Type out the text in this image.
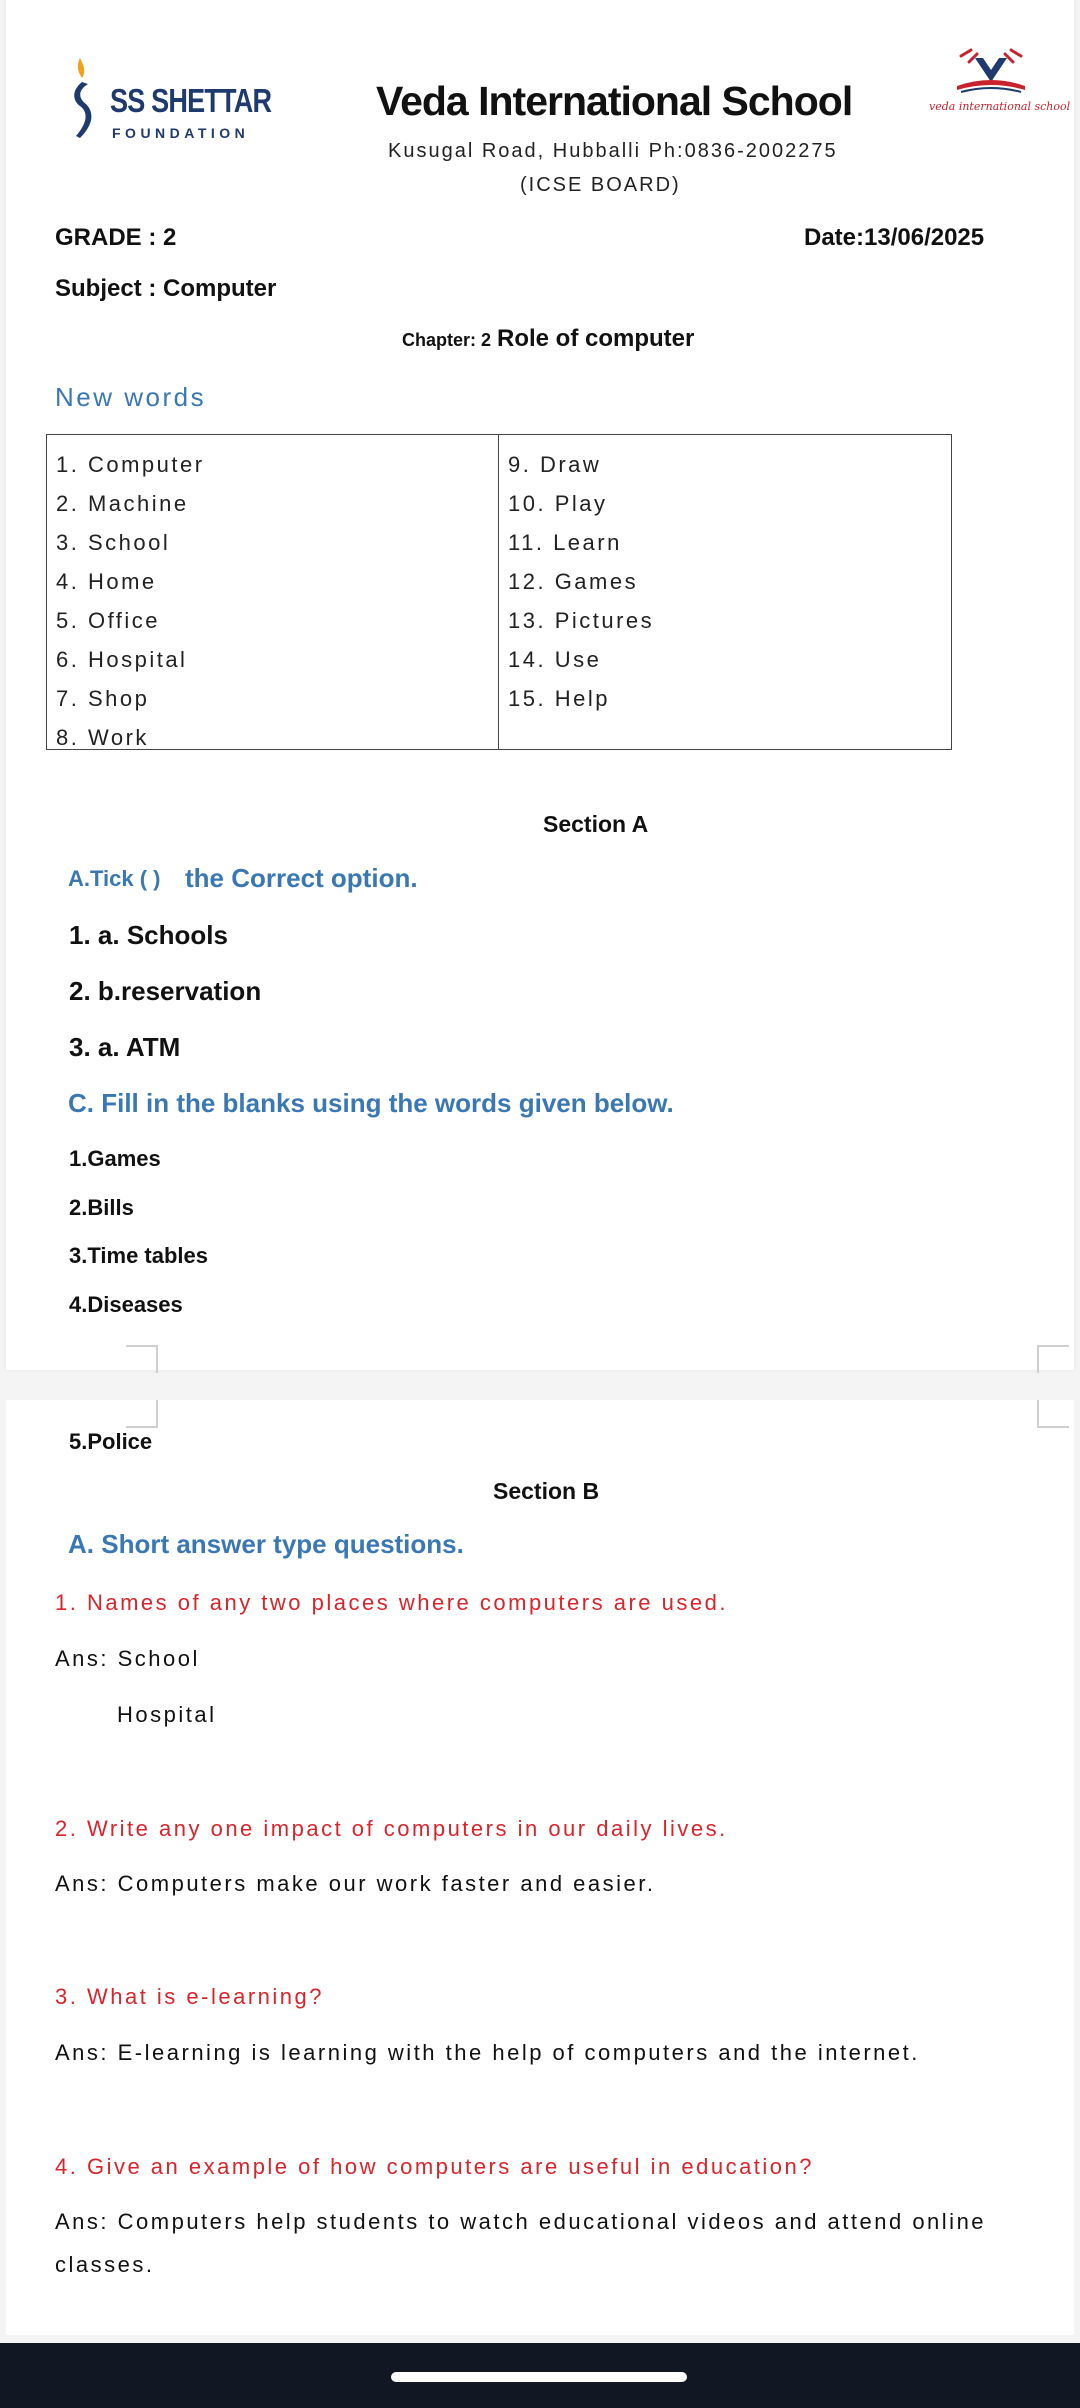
SS SHETTAR
FOUNDATION
Veda International School
Kusugal Road, Hubballi Ph:0836-2002275
(ICSE BOARD)
veda international school
GRADE : 2	Date:13/06/2025
Subject : Computer
Chapter: 2 Role of computer
New words
1. Computer
2. Machine
3. School
4. Home
5. Office
6. Hospital
7. Shop
8. Work
9. Draw
10. Play
11. Learn
12. Games
13. Pictures
14. Use
15. Help
Section A
A.Tick ( ) the Correct option.
1. a. Schools
2. b.reservation
3. a. ATM
C. Fill in the blanks using the words given below.
1.Games
2.Bills
3.Time tables
4.Diseases
5.Police
Section B
A. Short answer type questions.
1. Names of any two places where computers are used.
Ans: School
Hospital
2. Write any one impact of computers in our daily lives.
Ans: Computers make our work faster and easier.
3. What is e-learning?
Ans: E-learning is learning with the help of computers and the internet.
4. Give an example of how computers are useful in education?
Ans: Computers help students to watch educational videos and attend online
classes.
